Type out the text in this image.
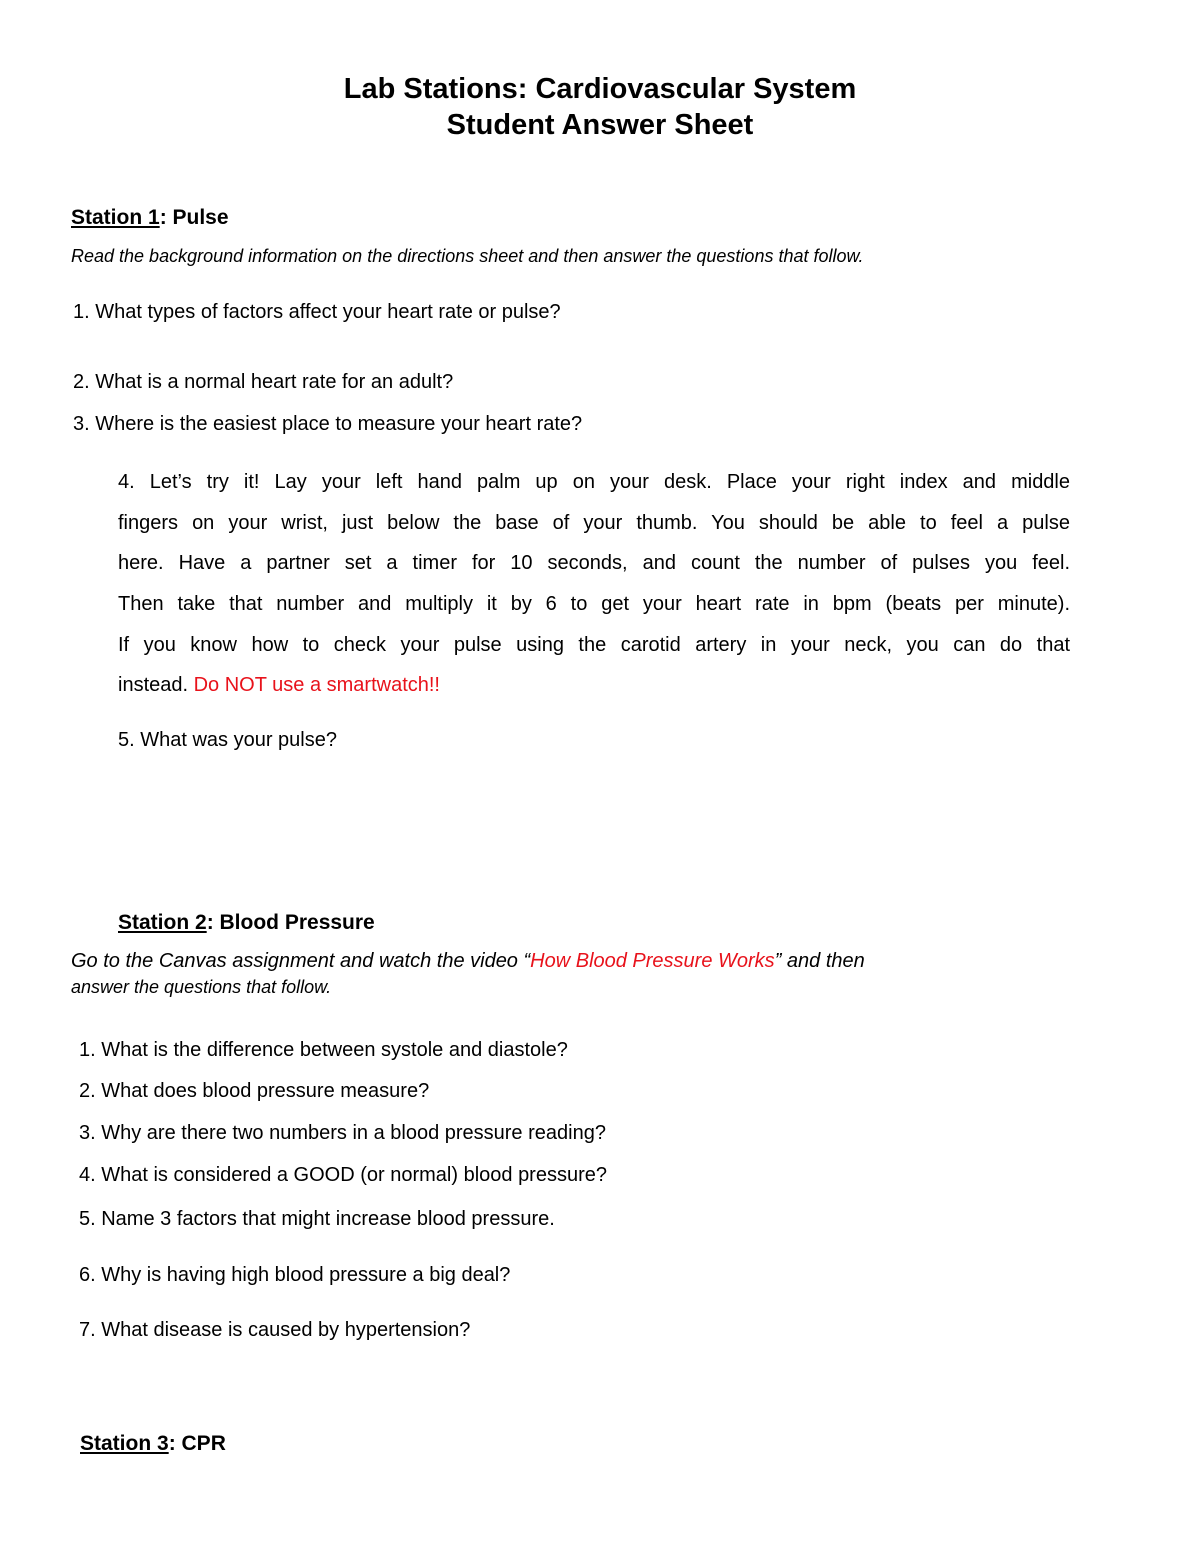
Lab Stations: Cardiovascular System
Student Answer Sheet
Station 1: Pulse
Read the background information on the directions sheet and then answer the questions that follow.
1. What types of factors affect your heart rate or pulse?
2. What is a normal heart rate for an adult?
3. Where is the easiest place to measure your heart rate?
4. Let’s try it! Lay your left hand palm up on your desk. Place your right index and middle
fingers on your wrist, just below the base of your thumb. You should be able to feel a pulse
here. Have a partner set a timer for 10 seconds, and count the number of pulses you feel.
Then take that number and multiply it by 6 to get your heart rate in bpm (beats per minute).
If you know how to check your pulse using the carotid artery in your neck, you can do that
instead. Do NOT use a smartwatch!!
5. What was your pulse?
Station 2: Blood Pressure
Go to the Canvas assignment and watch the video “How Blood Pressure Works” and then
answer the questions that follow.
1. What is the difference between systole and diastole?
2. What does blood pressure measure?
3. Why are there two numbers in a blood pressure reading?
4. What is considered a GOOD (or normal) blood pressure?
5. Name 3 factors that might increase blood pressure.
6. Why is having high blood pressure a big deal?
7. What disease is caused by hypertension?
Station 3: CPR
